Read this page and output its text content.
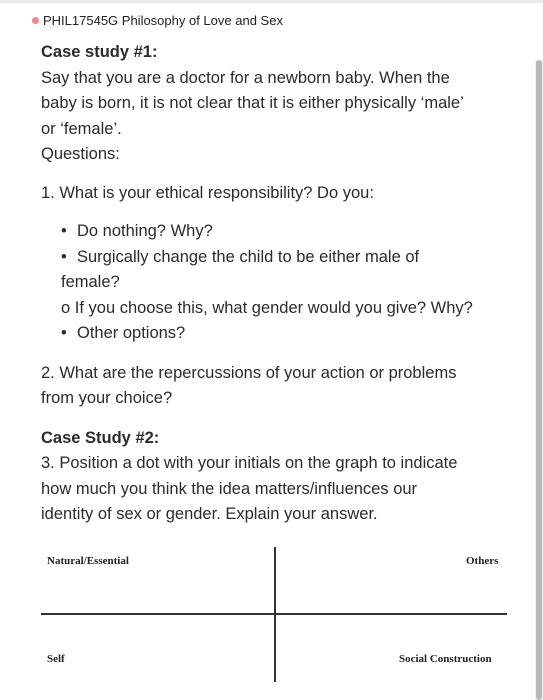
PHIL17545G Philosophy of Love and Sex
Case study #1:
Say that you are a doctor for a newborn baby. When the
baby is born, it is not clear that it is either physically ‘male’
or ‘female’.
Questions:
1. What is your ethical responsibility? Do you:
• Do nothing? Why?
• Surgically change the child to be either male of
female?
o If you choose this, what gender would you give? Why?
• Other options?
2. What are the repercussions of your action or problems
from your choice?
Case Study #2:
3. Position a dot with your initials on the graph to indicate
how much you think the idea matters/influences our
identity of sex or gender. Explain your answer.
Natural/Essential	Others
Self	Social Construction
